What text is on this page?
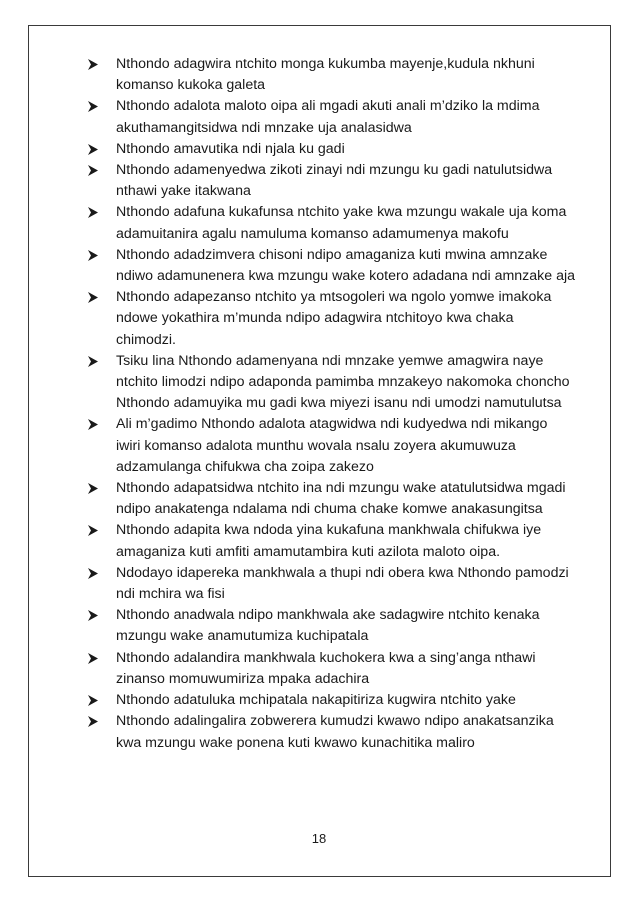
Nthondo adagwira ntchito monga kukumba mayenje,kudula nkhuni
komanso kukoka galeta
Nthondo adalota maloto oipa ali mgadi akuti anali m’dziko la mdima
akuthamangitsidwa ndi mnzake uja analasidwa
Nthondo amavutika ndi njala ku gadi
Nthondo adamenyedwa zikoti zinayi ndi mzungu ku gadi natulutsidwa
nthawi yake itakwana
Nthondo adafuna kukafunsa ntchito yake kwa mzungu wakale uja koma
adamuitanira agalu namuluma komanso adamumenya makofu
Nthondo adadzimvera chisoni ndipo amaganiza kuti mwina amnzake
ndiwo adamunenera kwa mzungu wake kotero adadana ndi amnzake aja
Nthondo adapezanso ntchito ya mtsogoleri wa ngolo yomwe imakoka
ndowe yokathira m’munda ndipo adagwira ntchitoyo kwa chaka
chimodzi.
Tsiku lina Nthondo adamenyana ndi mnzake yemwe amagwira naye
ntchito limodzi ndipo adaponda pamimba mnzakeyo nakomoka choncho
Nthondo adamuyika mu gadi kwa miyezi isanu ndi umodzi namutulutsa
Ali m’gadimo Nthondo adalota atagwidwa ndi kudyedwa ndi mikango
iwiri komanso adalota munthu wovala nsalu zoyera akumuwuza
adzamulanga chifukwa cha zoipa zakezo
Nthondo adapatsidwa ntchito ina ndi mzungu wake atatulutsidwa mgadi
ndipo anakatenga ndalama ndi chuma chake komwe anakasungitsa
Nthondo adapita kwa ndoda yina kukafuna mankhwala chifukwa iye
amaganiza kuti amfiti amamutambira kuti azilota maloto oipa.
Ndodayo idapereka mankhwala a thupi ndi obera kwa Nthondo pamodzi
ndi mchira wa fisi
Nthondo anadwala ndipo mankhwala ake sadagwire ntchito kenaka
mzungu wake anamutumiza kuchipatala
Nthondo adalandira mankhwala kuchokera kwa a sing’anga nthawi
zinanso momuwumiriza mpaka adachira
Nthondo adatuluka mchipatala nakapitiriza kugwira ntchito yake
Nthondo adalingalira zobwerera kumudzi kwawo ndipo anakatsanzika
kwa mzungu wake ponena kuti kwawo kunachitika maliro
18
